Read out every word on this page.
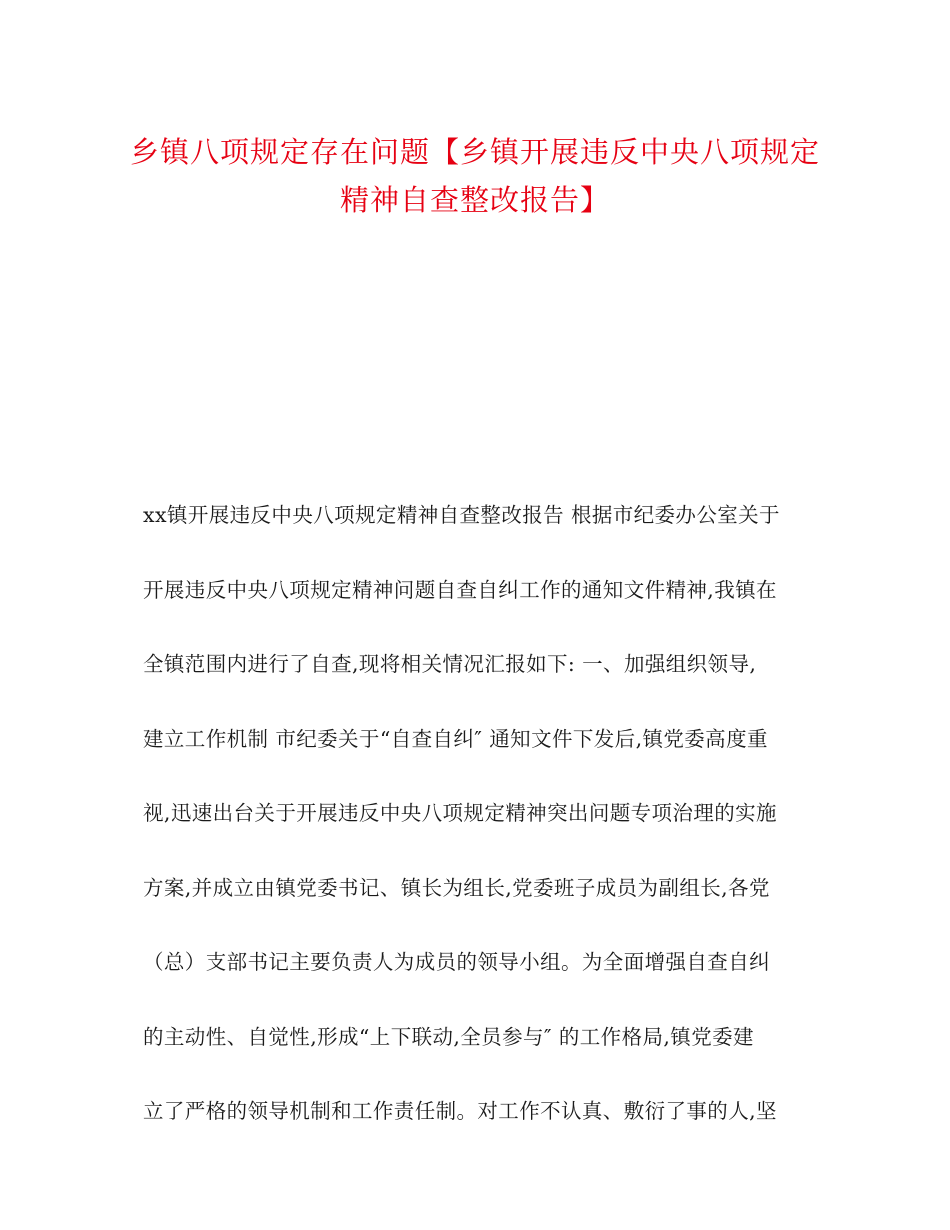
乡镇八项规定存在问题【乡镇开展违反中央八项规定精神自查整改报告】
xx镇开展违反中央八项规定精神自查整改报告 根据市纪委办公室关于
开展违反中央八项规定精神问题自查自纠工作的通知文件精神,我镇在
全镇范围内进行了自查,现将相关情况汇报如下: 一、加强组织领导,
建立工作机制 市纪委关于“自查自纠″ 通知文件下发后,镇党委高度重
视,迅速出台关于开展违反中央八项规定精神突出问题专项治理的实施
方案,并成立由镇党委书记、镇长为组长,党委班子成员为副组长,各党
（总）支部书记主要负责人为成员的领导小组。为全面增强自查自纠
的主动性、自觉性,形成“上下联动,全员参与″ 的工作格局,镇党委建
立了严格的领导机制和工作责任制。对工作不认真、敷衍了事的人,坚
